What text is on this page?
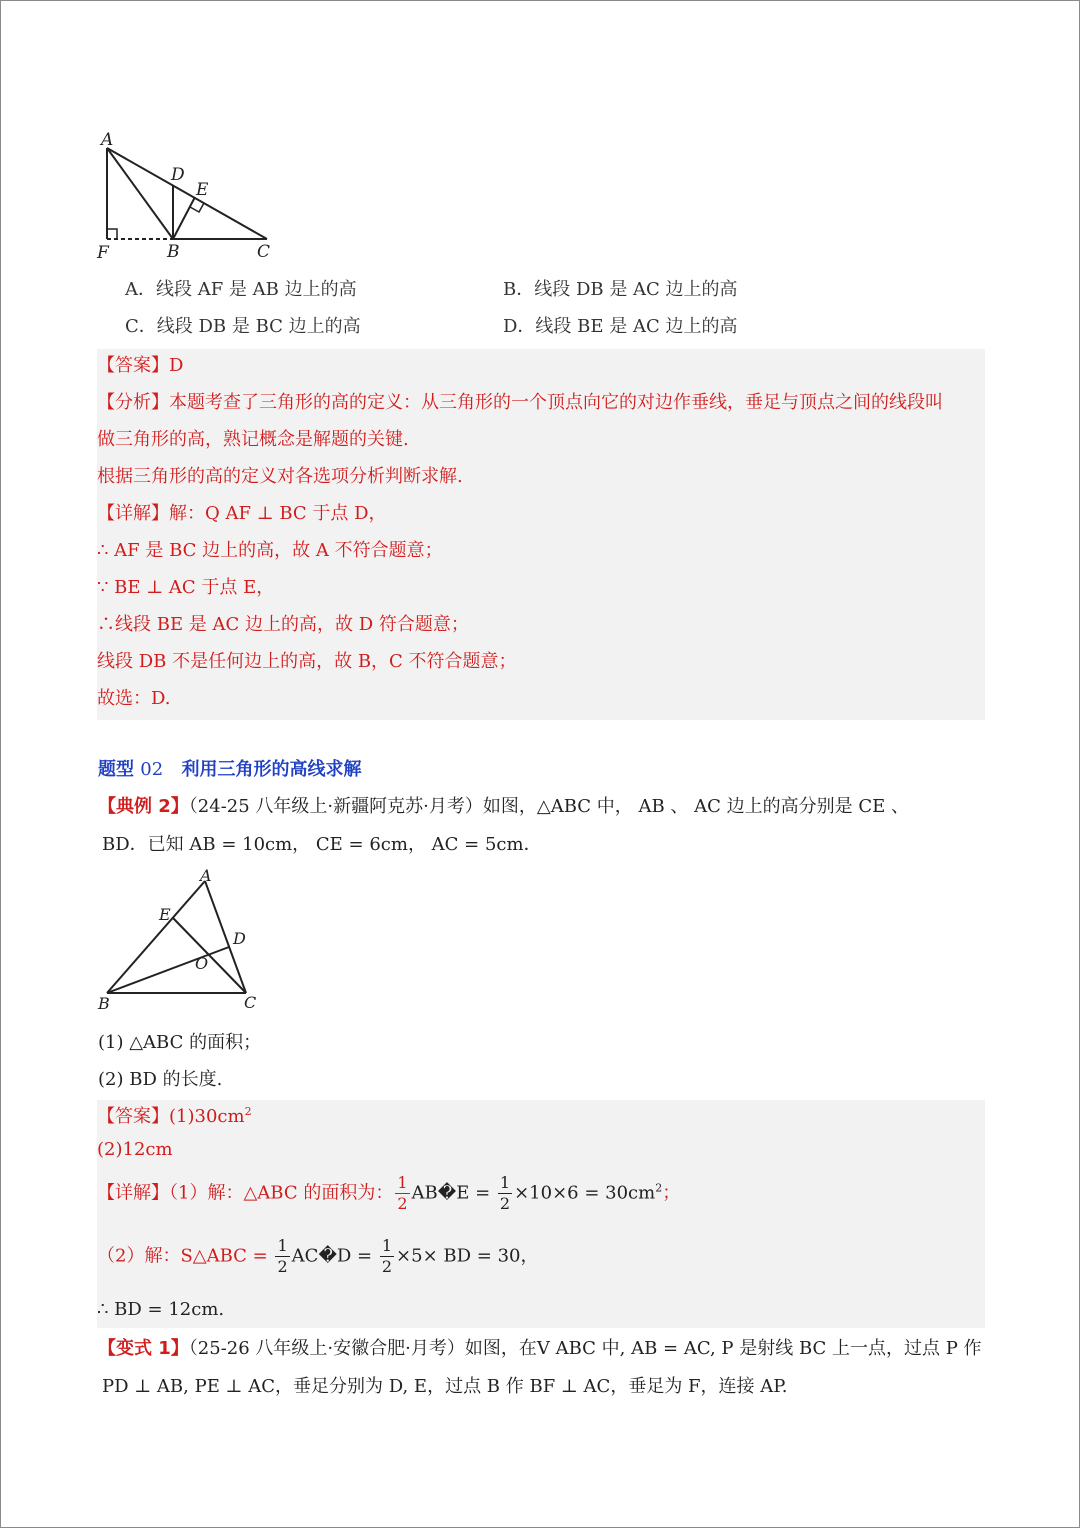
A
D
E
F	B	C
A．线段 AF 是 AB 边上的高	B．线段 DB 是 AC 边上的高
C．线段 DB 是 BC 边上的高	D．线段 BE 是 AC 边上的高
【答案】D
【分析】本题考查了三角形的高的定义：从三角形的一个顶点向它的对边作垂线，垂足与顶点之间的线段叫
做三角形的高，熟记概念是解题的关键.
根据三角形的高的定义对各选项分析判断求解.
【详解】解：Q AF ⊥ BC 于点 D，
∴ AF 是 BC 边上的高，故 A 不符合题意；
∵ BE ⊥ AC 于点 E，
∴线段 BE 是 AC 边上的高，故 D 符合题意；
线段 DB 不是任何边上的高，故 B，C 不符合题意；
故选：D.
题型 02 利用三角形的高线求解
【典例 2】（24-25 八年级上·新疆阿克苏·月考）如图，△ABC 中， AB 、 AC 边上的高分别是 CE 、
BD．已知 AB = 10cm， CE = 6cm， AC = 5cm．
A
E
D
O
B	C
(1) △ABC 的面积；
(2) BD 的长度.
【答案】$(1)30cm^2$
(2)12cm
【详解】（1）解：△ABC 的面积为： $\frac{1}{2}$ AB�E = $\frac{1}{2} \times 10\times 6 = 30cm^2$；
（2）解：S△ABC = $\frac{1}{2}$ AC�D = $\frac{1}{2} \times 5\times$ BD = 30，
∴ BD = 12cm.
【变式 1】（25-26 八年级上·安徽合肥·月考）如图，在V ABC 中, AB = AC, P 是射线 BC 上一点，过点 P 作
PD ⊥ AB, PE ⊥ AC，垂足分别为 D, E，过点 B 作 BF ⊥ AC，垂足为 F，连接 AP.
